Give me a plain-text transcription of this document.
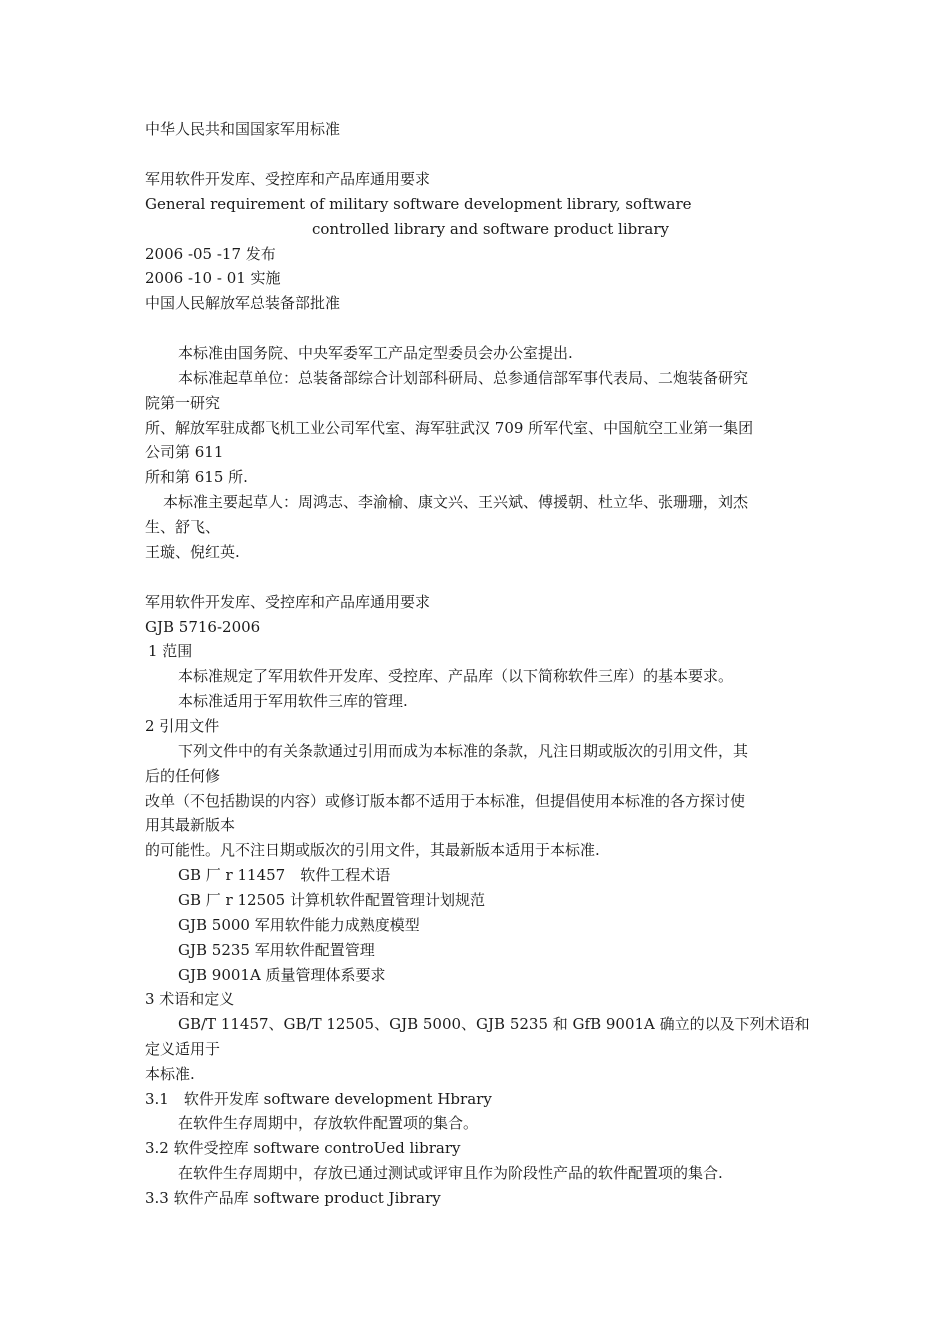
中华人民共和国国家军用标准
军用软件开发库、受控库和产品库通用要求
General requirement of military software development library, software
controlled library and software product library
2006 -05 -17 发布
2006 -10 - 01 实施
中国人民解放军总装备部批准
本标准由国务院、中央军委军工产品定型委员会办公室提出.
本标准起草单位：总装备部综合计划部科研局、总参通信部军事代表局、二炮装备研究
院第一研究
所、解放军驻成都飞机工业公司军代室、海军驻武汉 709 所军代室、中国航空工业第一集团
公司第 611
所和第 615 所.
本标准主要起草人：周鸿志、李渝榆、康文兴、王兴斌、傅援朝、杜立华、张珊珊，刘杰
生、舒飞、
王璇、倪红英.
军用软件开发库、受控库和产品库通用要求
GJB 5716-2006
1 范围
本标准规定了军用软件开发库、受控库、产品库（以下简称软件三库）的基本要求。
本标准适用于军用软件三库的管理.
2 引用文件
下列文件中的有关条款通过引用而成为本标准的条款，凡注日期或版次的引用文件，其
后的任何修
改单（不包括勘误的内容）或修订版本都不适用于本标准，但提倡使用本标准的各方探讨使
用其最新版本
的可能性。凡不注日期或版次的引用文件，其最新版本适用于本标准.
GB 厂 r 11457　软件工程术语
GB 厂 r 12505 计算机软件配置管理计划规范
GJB 5000 军用软件能力成熟度模型
GJB 5235 军用软件配置管理
GJB 9001A 质量管理体系要求
3 术语和定义
GB/T 11457、GB/T 12505、GJB 5000、GJB 5235 和 GfB 9001A 确立的以及下列术语和
定义适用于
本标准.
3.1　软件开发库 software development Hbrary
在软件生存周期中，存放软件配置项的集合。
3.2 软件受控库 software controUed library
在软件生存周期中，存放已通过测试或评审且作为阶段性产品的软件配置项的集合.
3.3 软件产品库 software product Jibrary
